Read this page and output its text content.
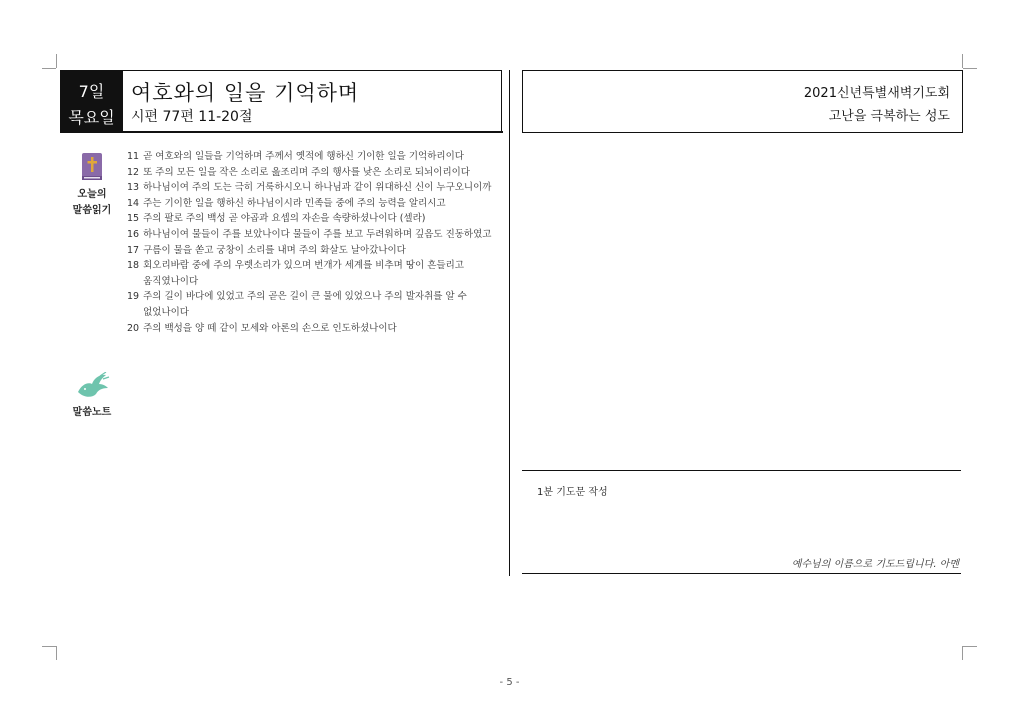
7일
목요일
여호와의 일을 기억하며
시편 77편 11-20절
2021신년특별새벽기도회
고난을 극복하는 성도
오늘의
말씀읽기
말씀노트
11 곧 여호와의 일들을 기억하며 주께서 옛적에 행하신 기이한 일을 기억하리이다
12 또 주의 모든 일을 작은 소리로 읊조리며 주의 행사를 낮은 소리로 되뇌이리이다
13 하나님이여 주의 도는 극히 거룩하시오니 하나님과 같이 위대하신 신이 누구오니이까
14 주는 기이한 일을 행하신 하나님이시라 민족들 중에 주의 능력을 알리시고
15 주의 팔로 주의 백성 곧 야곱과 요셉의 자손을 속량하셨나이다 (셀라)
16 하나님이여 물들이 주를 보았나이다 물들이 주를 보고 두려워하며 깊음도 진동하였고
17 구름이 물을 쏟고 궁창이 소리를 내며 주의 화살도 날아갔나이다
18 회오리바람 중에 주의 우렛소리가 있으며 번개가 세계를 비추며 땅이 흔들리고 움직였나이다
19 주의 길이 바다에 있었고 주의 곧은 길이 큰 물에 있었으나 주의 발자취를 알 수 없었나이다
20 주의 백성을 양 떼 같이 모세와 아론의 손으로 인도하셨나이다
1분 기도문 작성
예수님의 이름으로 기도드립니다. 아멘
- 5 -
